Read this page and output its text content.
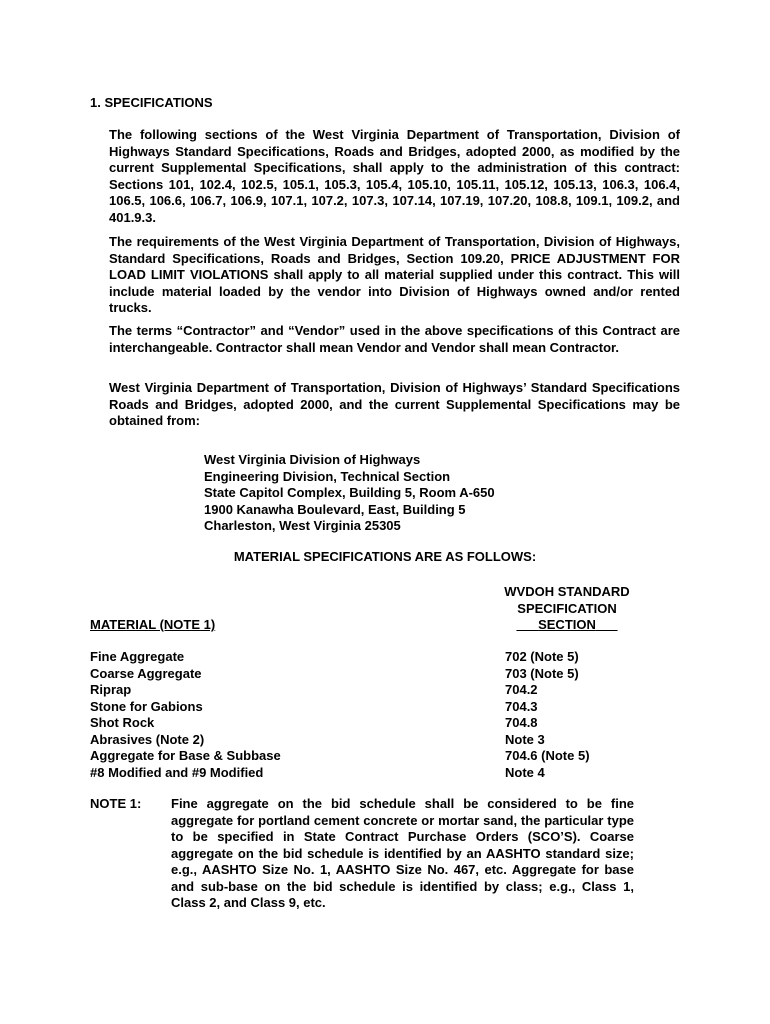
1. SPECIFICATIONS
The following sections of the West Virginia Department of Transportation, Division of Highways Standard Specifications, Roads and Bridges, adopted 2000, as modified by the current Supplemental Specifications, shall apply to the administration of this contract: Sections 101, 102.4, 102.5, 105.1, 105.3, 105.4, 105.10, 105.11, 105.12, 105.13, 106.3, 106.4, 106.5, 106.6, 106.7, 106.9, 107.1, 107.2, 107.3, 107.14, 107.19, 107.20, 108.8, 109.1, 109.2, and 401.9.3.
The requirements of the West Virginia Department of Transportation, Division of Highways, Standard Specifications, Roads and Bridges, Section 109.20, PRICE ADJUSTMENT FOR LOAD LIMIT VIOLATIONS shall apply to all material supplied under this contract. This will include material loaded by the vendor into Division of Highways owned and/or rented trucks.
The terms “Contractor” and “Vendor” used in the above specifications of this Contract are interchangeable. Contractor shall mean Vendor and Vendor shall mean Contractor.
West Virginia Department of Transportation, Division of Highways’ Standard Specifications Roads and Bridges, adopted 2000, and the current Supplemental Specifications may be obtained from:
West Virginia Division of Highways
Engineering Division, Technical Section
State Capitol Complex, Building 5, Room A-650
1900 Kanawha Boulevard, East, Building 5
Charleston, West Virginia 25305
MATERIAL SPECIFICATIONS ARE AS FOLLOWS:
WVDOH STANDARD
SPECIFICATION
SECTION
MATERIAL (NOTE 1)
Fine Aggregate	702 (Note 5)
Coarse Aggregate	703 (Note 5)
Riprap	704.2
Stone for Gabions	704.3
Shot Rock	704.8
Abrasives (Note 2)	Note 3
Aggregate for Base & Subbase	704.6 (Note 5)
#8 Modified and #9 Modified	Note 4
NOTE 1: Fine aggregate on the bid schedule shall be considered to be fine aggregate for portland cement concrete or mortar sand, the particular type to be specified in State Contract Purchase Orders (SCO’S). Coarse aggregate on the bid schedule is identified by an AASHTO standard size; e.g., AASHTO Size No. 1, AASHTO Size No. 467, etc. Aggregate for base and sub-base on the bid schedule is identified by class; e.g., Class 1, Class 2, and Class 9, etc.
